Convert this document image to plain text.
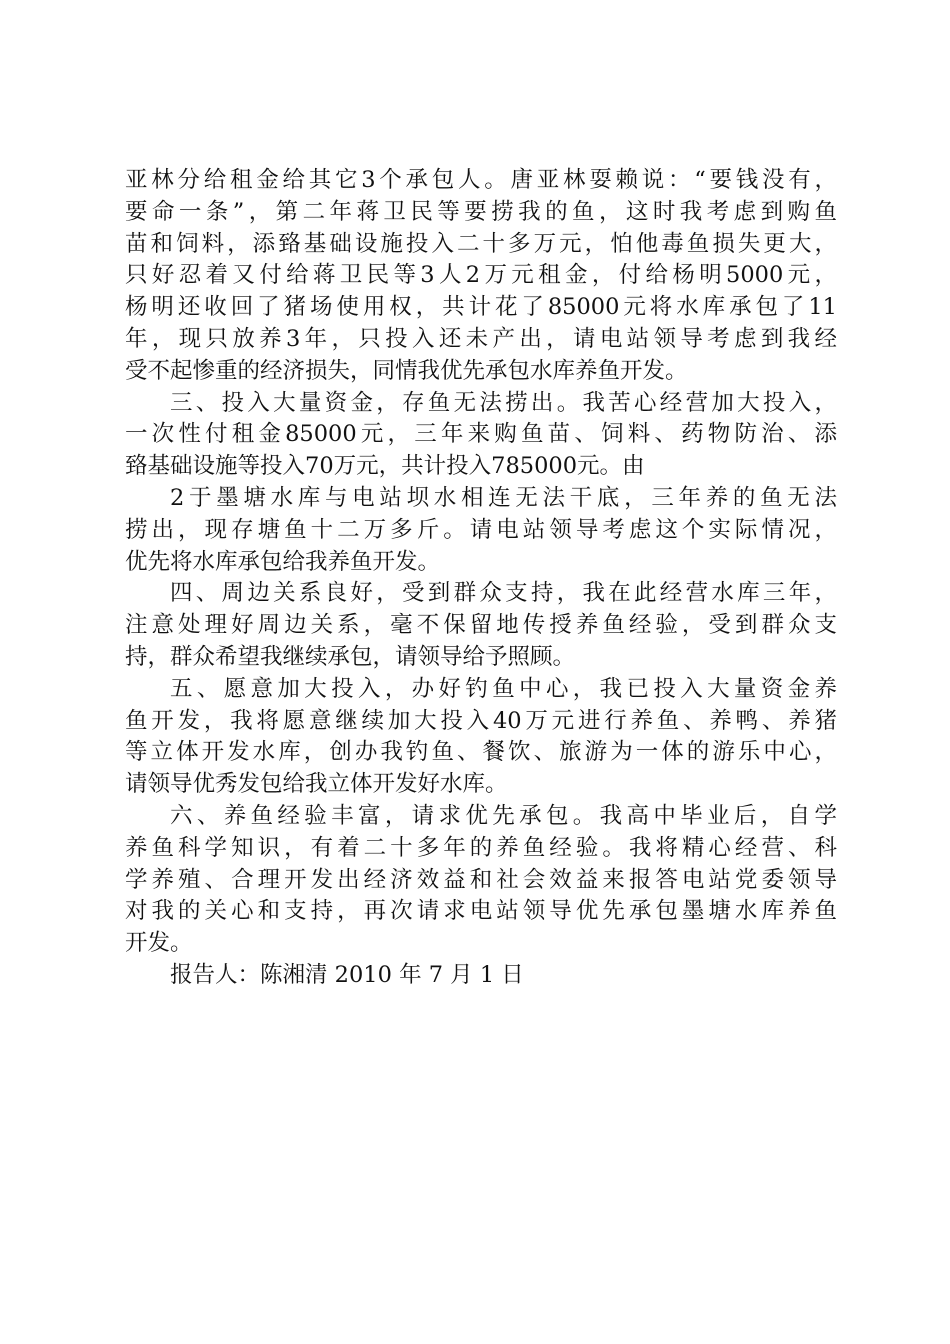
亚林分给租金给其它3个承包人。唐亚林耍赖说：“要钱没有，
要命一条”，第二年蒋卫民等要捞我的鱼，这时我考虑到购鱼
苗和饲料，添臵基础设施投入二十多万元，怕他毒鱼损失更大，
只好忍着又付给蒋卫民等3人2万元租金，付给杨明5000元，
杨明还收回了猪场使用权，共计花了85000元将水库承包了11
年，现只放养3年，只投入还未产出，请电站领导考虑到我经
受不起惨重的经济损失，同情我优先承包水库养鱼开发。
三、投入大量资金，存鱼无法捞出。我苦心经营加大投入，
一次性付租金85000元，三年来购鱼苗、饲料、药物防治、添
臵基础设施等投入70万元，共计投入785000元。由
2于墨塘水库与电站坝水相连无法干底，三年养的鱼无法
捞出，现存塘鱼十二万多斤。请电站领导考虑这个实际情况，
优先将水库承包给我养鱼开发。
四、周边关系良好，受到群众支持，我在此经营水库三年，
注意处理好周边关系，毫不保留地传授养鱼经验，受到群众支
持，群众希望我继续承包，请领导给予照顾。
五、愿意加大投入，办好钓鱼中心，我已投入大量资金养
鱼开发，我将愿意继续加大投入40万元进行养鱼、养鸭、养猪
等立体开发水库，创办我钓鱼、餐饮、旅游为一体的游乐中心，
请领导优秀发包给我立体开发好水库。
六、养鱼经验丰富，请求优先承包。我高中毕业后，自学
养鱼科学知识，有着二十多年的养鱼经验。我将精心经营、科
学养殖、合理开发出经济效益和社会效益来报答电站党委领导
对我的关心和支持，再次请求电站领导优先承包墨塘水库养鱼
开发。
报告人：陈湘清 2010 年 7 月 1 日
